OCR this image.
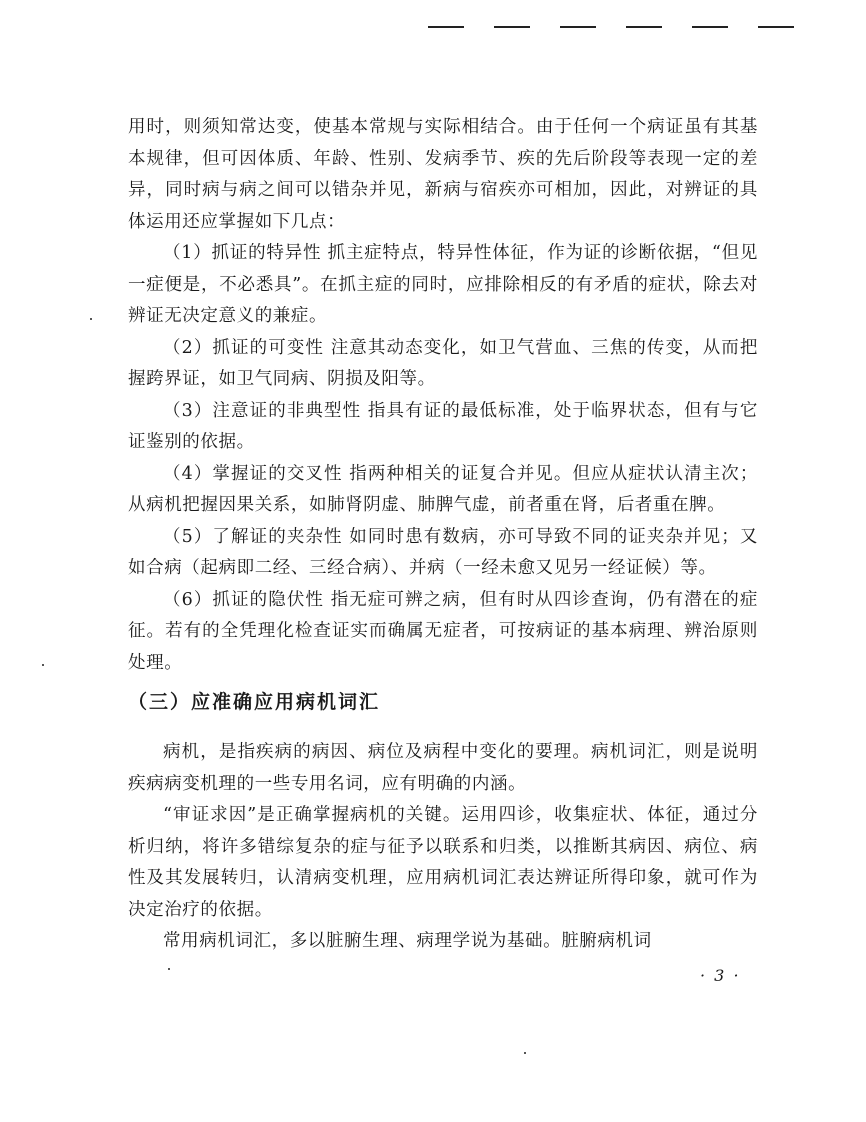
用时，则须知常达变，使基本常规与实际相结合。由于任何一个病证虽有其基本规律，但可因体质、年龄、性别、发病季节、疾的先后阶段等表现一定的差异，同时病与病之间可以错杂并见，新病与宿疾亦可相加，因此，对辨证的具体运用还应掌握如下几点：

（1）抓证的特异性 抓主症特点，特异性体征，作为证的诊断依据，“但见一症便是，不必悉具”。在抓主症的同时，应排除相反的有矛盾的症状，除去对辨证无决定意义的兼症。

（2）抓证的可变性 注意其动态变化，如卫气营血、三焦的传变，从而把握跨界证，如卫气同病、阴损及阳等。

（3）注意证的非典型性 指具有证的最低标准，处于临界状态，但有与它证鉴别的依据。

（4）掌握证的交叉性 指两种相关的证复合并见。但应从症状认清主次；从病机把握因果关系，如肺肾阴虚、肺脾气虚，前者重在肾，后者重在脾。

（5）了解证的夹杂性 如同时患有数病，亦可导致不同的证夹杂并见；又如合病（起病即二经、三经合病）、并病（一经未愈又见另一经证候）等。

（6）抓证的隐伏性 指无症可辨之病，但有时从四诊查询，仍有潜在的症征。若有的全凭理化检查证实而确属无症者，可按病证的基本病理、辨治原则处理。

（三）应准确应用病机词汇

病机，是指疾病的病因、病位及病程中变化的要理。病机词汇，则是说明疾病病变机理的一些专用名词，应有明确的内涵。

“审证求因”是正确掌握病机的关键。运用四诊，收集症状、体征，通过分析归纳，将许多错综复杂的症与征予以联系和归类，以推断其病因、病位、病性及其发展转归，认清病变机理，应用病机词汇表达辨证所得印象，就可作为决定治疗的依据。

常用病机词汇，多以脏腑生理、病理学说为基础。脏腑病机词

· 3 ·
